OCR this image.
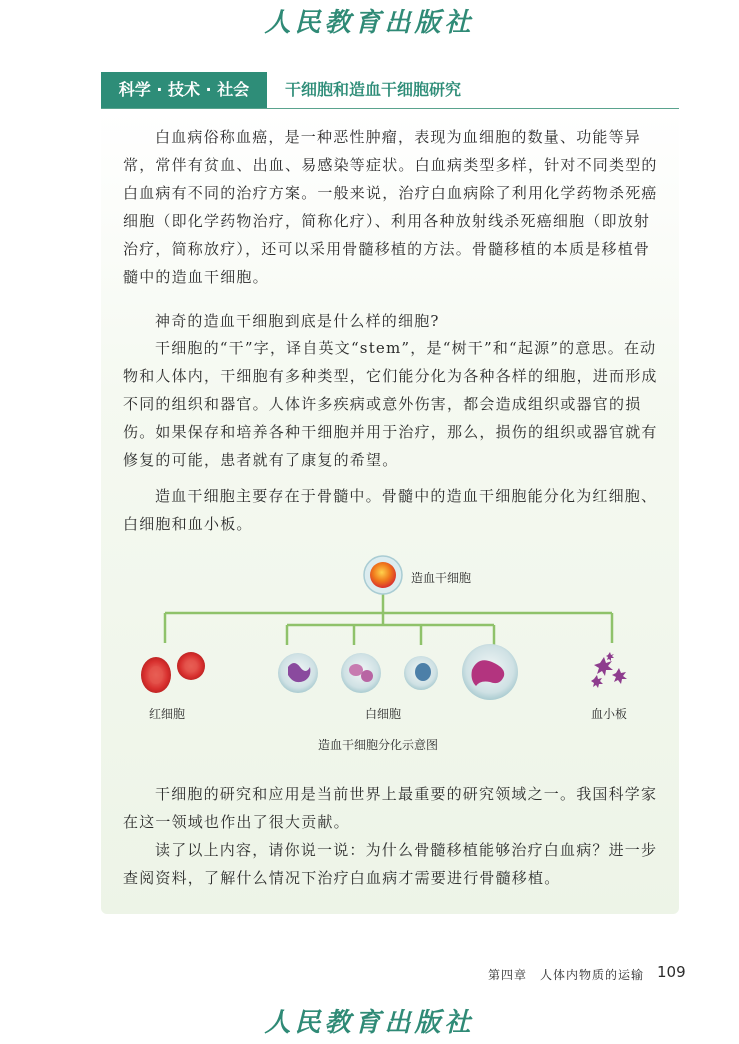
人民教育出版社
科学 · 技术 · 社会	干细胞和造血干细胞研究

白血病俗称血癌，是一种恶性肿瘤，表现为血细胞的数量、功能等异常，常伴有贫血、出血、易感染等症状。白血病类型多样，针对不同类型的白血病有不同的治疗方案。一般来说，治疗白血病除了利用化学药物杀死癌细胞（即化学药物治疗，简称化疗）、利用各种放射线杀死癌细胞（即放射治疗，简称放疗），还可以采用骨髓移植的方法。骨髓移植的本质是移植骨髓中的造血干细胞。

神奇的造血干细胞到底是什么样的细胞?

干细胞的“干”字，译自英文“stem”，是“树干”和“起源”的意思。在动物和人体内，干细胞有多种类型，它们能分化为各种各样的细胞，进而形成不同的组织和器官。人体许多疾病或意外伤害，都会造成组织或器官的损伤。如果保存和培养各种干细胞并用于治疗，那么，损伤的组织或器官就有修复的可能，患者就有了康复的希望。

造血干细胞主要存在于骨髓中。骨髓中的造血干细胞能分化为红细胞、白细胞和血小板。

造血干细胞
红细胞	白细胞	血小板
造血干细胞分化示意图

干细胞的研究和应用是当前世界上最重要的研究领域之一。我国科学家在这一领域也作出了很大贡献。

读了以上内容，请你说一说：为什么骨髓移植能够治疗白血病？进一步查阅资料，了解什么情况下治疗白血病才需要进行骨髓移植。

第四章　人体内物质的运输 109
人民教育出版社
